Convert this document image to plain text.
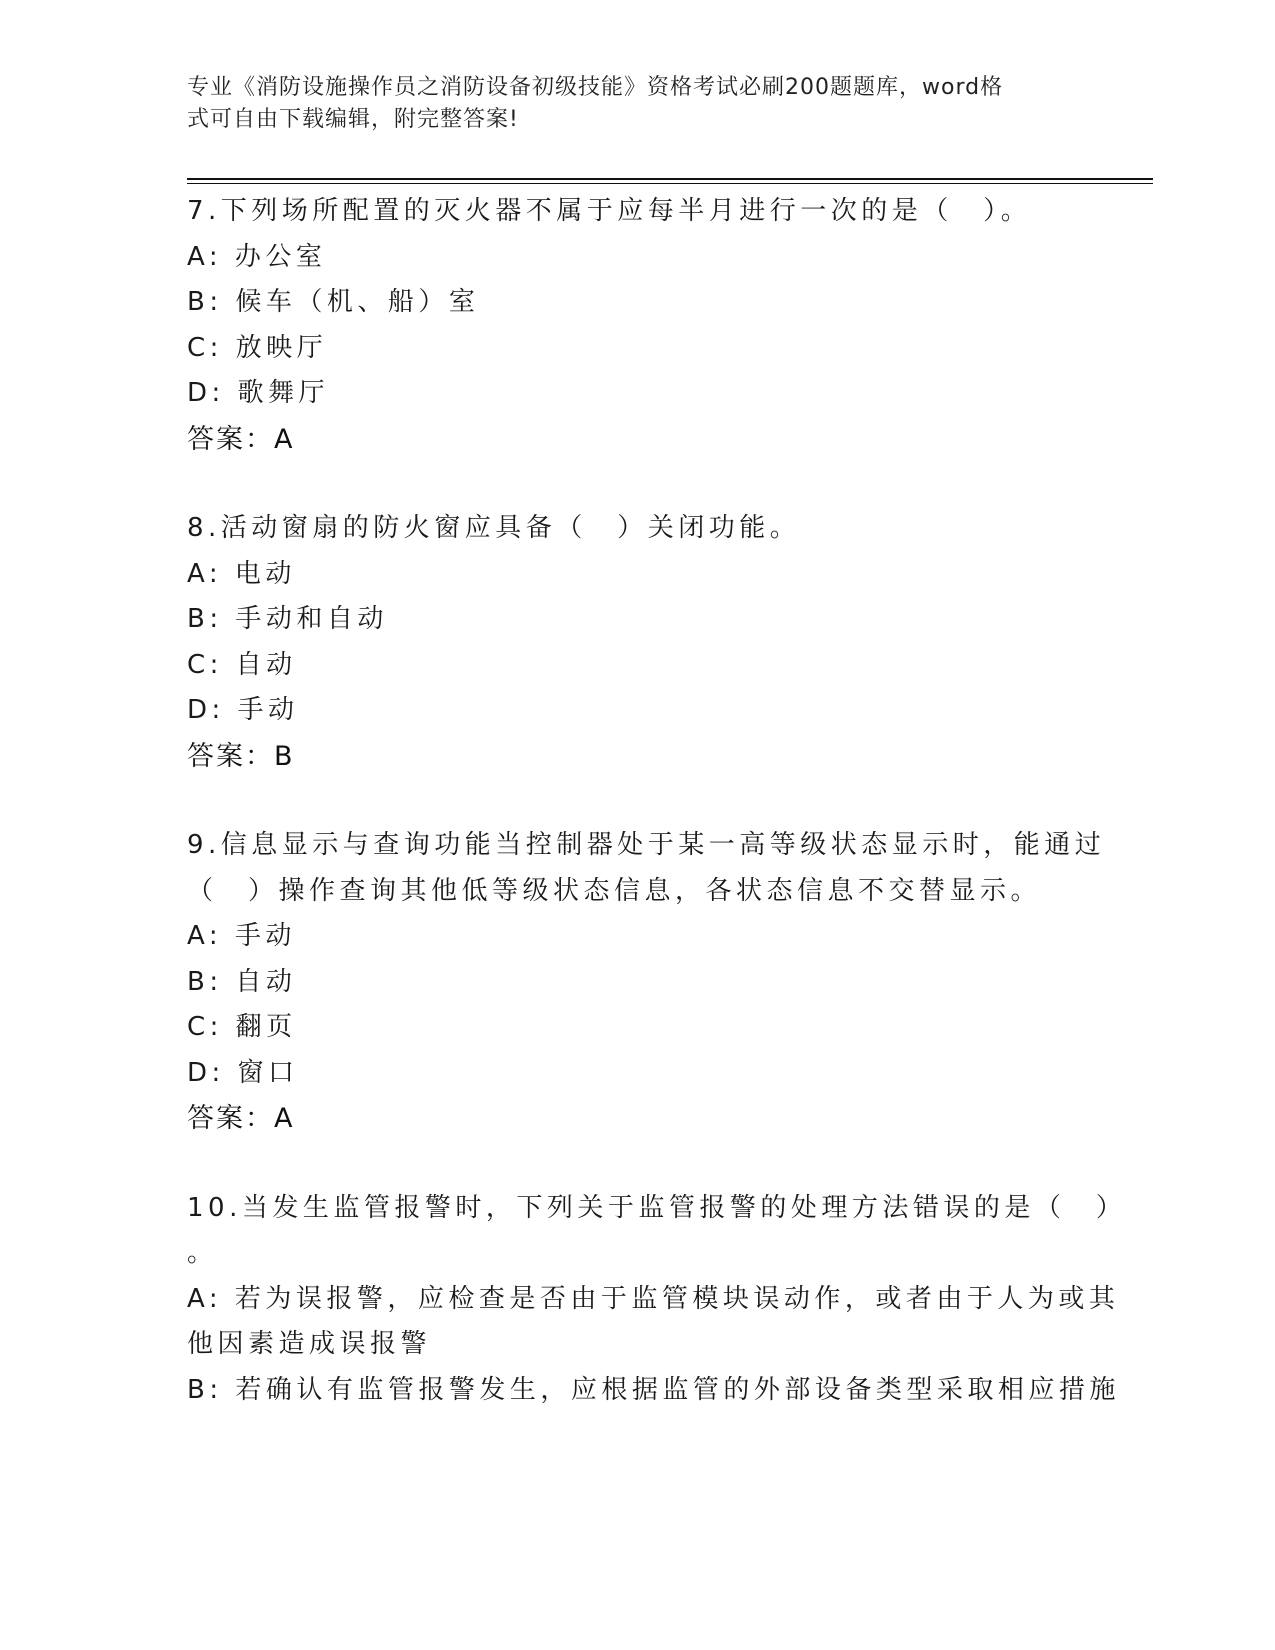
专业《消防设施操作员之消防设备初级技能》资格考试必刷200题题库，word格
式可自由下载编辑，附完整答案!
7.下列场所配置的灭火器不属于应每半月进行一次的是（　）。
A: 办公室
B: 候车（机、船）室
C: 放映厅
D: 歌舞厅
答案：A
8.活动窗扇的防火窗应具备（　）关闭功能。
A: 电动
B: 手动和自动
C: 自动
D: 手动
答案：B
9.信息显示与查询功能当控制器处于某一高等级状态显示时，能通过
（　）操作查询其他低等级状态信息，各状态信息不交替显示。
A: 手动
B: 自动
C: 翻页
D: 窗口
答案：A
10.当发生监管报警时，下列关于监管报警的处理方法错误的是（　）
。
A: 若为误报警，应检查是否由于监管模块误动作，或者由于人为或其
他因素造成误报警
B: 若确认有监管报警发生，应根据监管的外部设备类型采取相应措施
